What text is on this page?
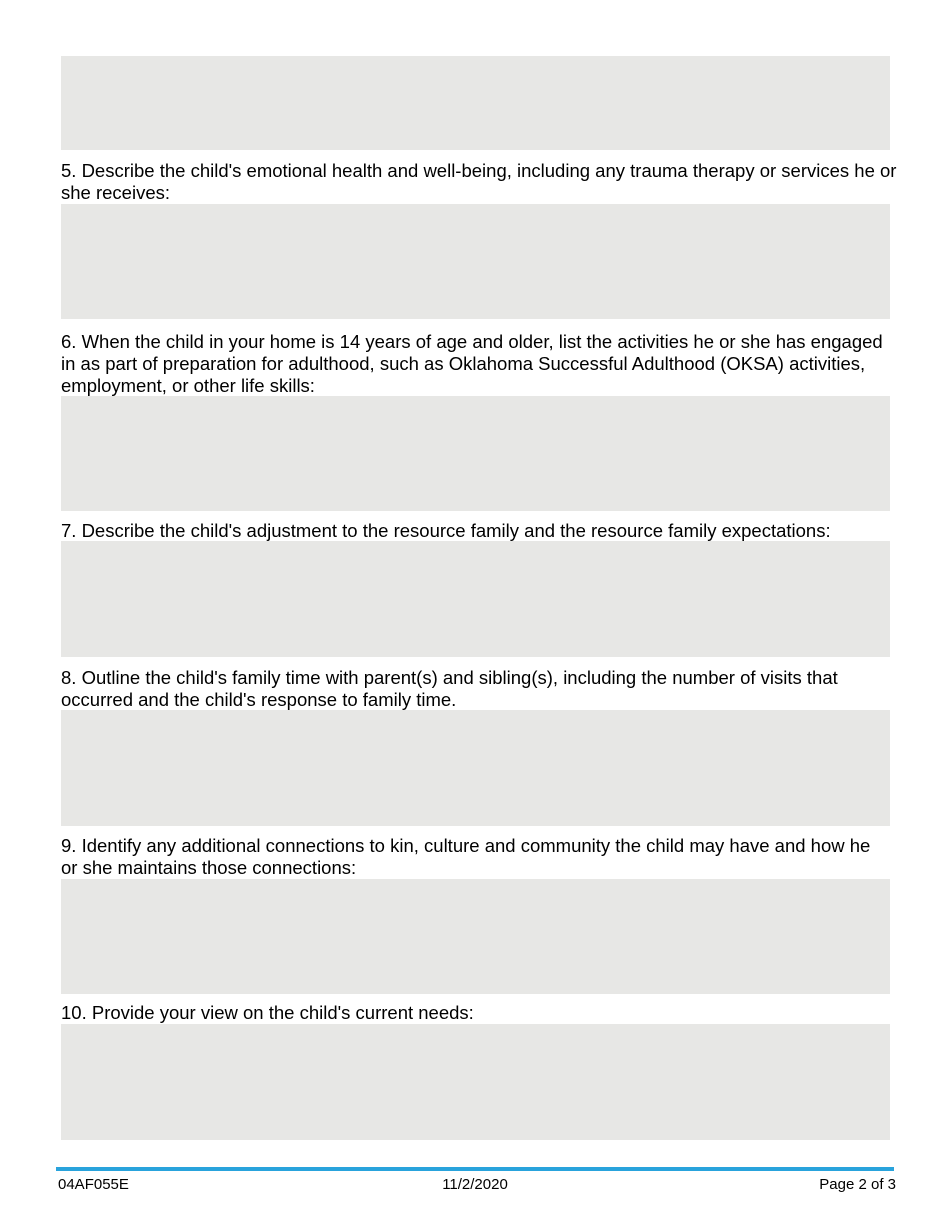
5. Describe the child's emotional health and well-being, including any trauma therapy or services he or she receives:

6. When the child in your home is 14 years of age and older, list the activities he or she has engaged in as part of preparation for adulthood, such as Oklahoma Successful Adulthood (OKSA) activities, employment, or other life skills:

7. Describe the child's adjustment to the resource family and the resource family expectations:

8. Outline the child's family time with parent(s) and sibling(s), including the number of visits that occurred and the child's response to family time.

9. Identify any additional connections to kin, culture and community the child may have and how he or she maintains those connections:

10. Provide your view on the child's current needs:

04AF055E	11/2/2020	Page 2 of 3
